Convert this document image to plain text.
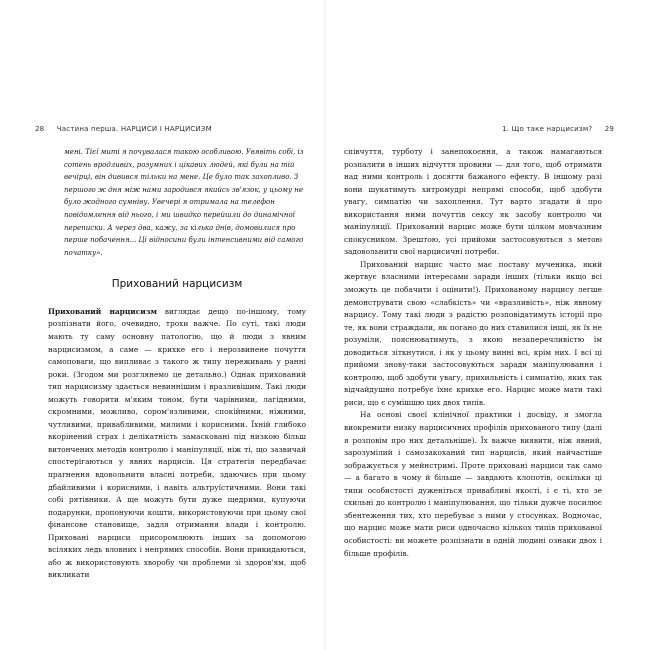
28 Частина перша. НАРЦИСИ І НАРЦИСИЗМ	1. Що таке нарцисизм? 29

мені. Тієї миті я почувалася такою особливою. Увявіть собі, із сотень вродливих, розумних і цікавих людей, які були на тій вечірці, він дивився тільки на мене. Це було так захопливо. З першого ж дня між нами зародився якийсь зв'язок, у цьому не було жодного сумніву. Увечері я отримала на телефон повідомлення від нього, і ми швидко перейшли до динамічної переписки. А через два, кажу, за кілька днів, домовилися про перше побачення... Ці відносини були інтенсивними від самого початку».

Прихований нарцисизм

Прихований нарцисизм виглядає дещо по-іншому, тому розпізнати його, очевидно, трохи важче. По суті, такі люди мають ту саму основну патологію, що й люди з явним нарцисизмом, а саме — крихке его і нерозвинене почуття самоповаги, що випливає з такого ж типу переживань у ранні роки. (Згодом ми розглянемо це детально.) Однак прихований тип нарцисизму здається невиннішим і вразливішим. Такі люди можуть говорити м'яким тоном, бути чарівними, лагідними, скромними, можливо, сором'язливими, спокійними, ніжними, чутливими, привабливими, милими і корисними. Їхній глибоко вкорінений страх і делікатність замасковані під низкою більш витончених методів контролю і маніпуляції, ніж ті, що зазвичай спостерігаються у явних нарцисів. Ця стратегія передбачає прагнення вдовольнити власні потреби, здаючись при цьому дбайливими і корисними, і навіть альтруїстичними. Вони такі собі рятівники. А ще можуть бути дуже щедрими, купуючи подарунки, пропонуючи кошти, використовуючи при цьому свої фінансове становище, задля отримання влади і контролю. Приховані нарциси присоромлюють інших за допомогою всіляких ледь вловних і непрямих способів. Вони прикидаються, або ж використовують хворобу чи проблеми зі здоров'ям, щоб викликати

співчуття, турботу і занепокоєння, а також намагаються розпалити в інших відчуття провини — для того, щоб отримати над ними контроль і досягти бажаного ефекту. В іншому разі вони шукатимуть хитромудрі непрямі способи, щоб здобути увагу, симпатію чи захоплення. Тут варто згадати й про використання ними почуттів сексу як засобу контролю чи маніпуляції. Прихований нарцис може бути цілком мовчазним спокусником. Зрештою, усі прийоми застосовуються з метою задовольнити свої нарцисичні потреби.

Прихований нарцис часто має поставу мученика, який жертвує власними інтересами заради інших (тільки якщо всі зможуть це побачити і оцінити!). Прихованому нарцису легше демонструвати свою «слабкість» чи «вразливість», ніж явному нарцису. Тому такі люди з радістю розповідатимуть історії про те, як вони страждали, як погано до них ставилися інші, як їх не розуміли, пояснюватимуть, з якою незаперечливістю їм доводиться зіткнутися, і як у цьому винні всі, крім них. І всі ці прийоми знову-таки застосовуються заради маніпулювання і контролю, щоб здобути увагу, прихильність і симпатію, яких так відчайдушно потребує їхнє крихке его. Нарцис може мати такі риси, що є сумішшю цих двох типів.

На основі своєї клінічної практики і досвіду, я змогла виокремити низку нарцисичних профілів прихованого типу (далі я розповім про них детальніше). Їх важче виявити, ніж явний, зарозумілий і самозакоханий тип нарцисів, який найчастіше зображується у мейнстримі. Проте приховані нарциси так само — а багато в чому й більше — завдають клопотів, оскільки ці типи особистості дуженіться привабливі якості, і є ті, хто зе схильні до контролю і маніпулювання, що тільки дужче посилює збентеження тих, хто перебуває з ними у стосунках. Водночас, що нарцис може мати риси одночасно кількох типів прихованої особистості: ви можете розпізнати в одній людині ознаки двох і більше профілів.
